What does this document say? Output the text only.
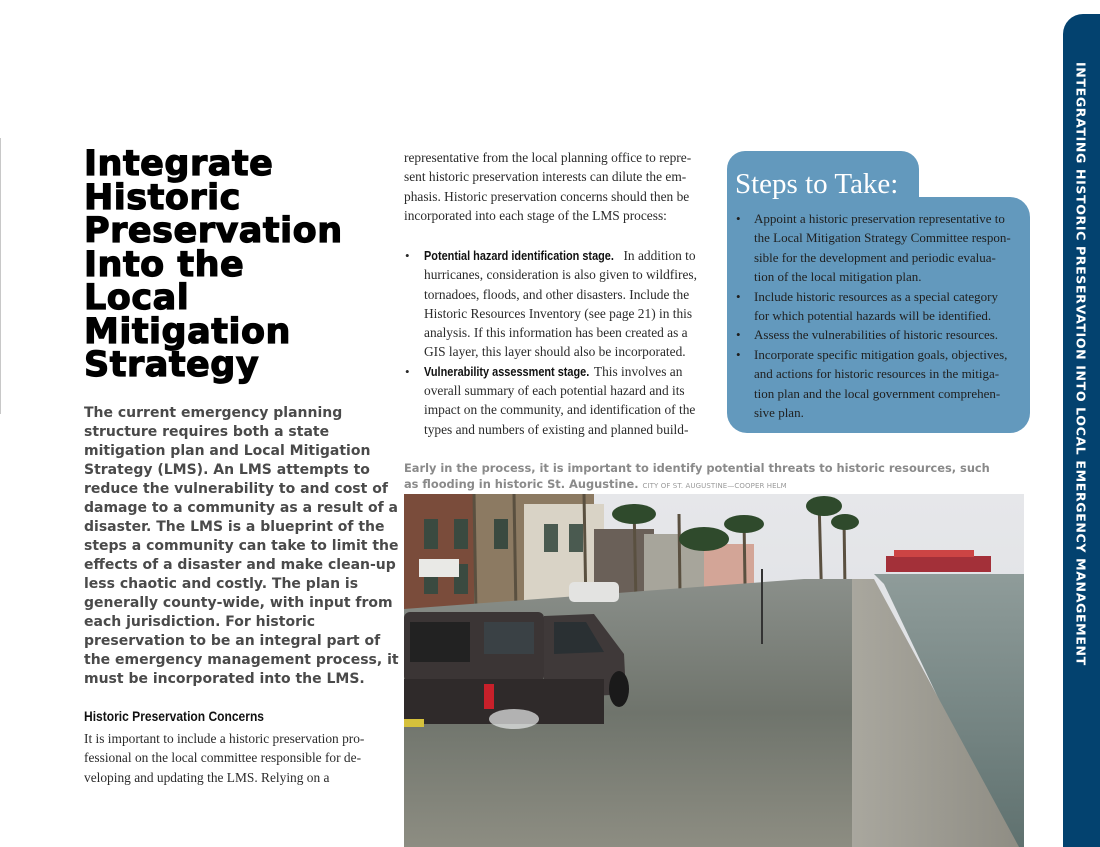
Integrate
Historic
Preservation
Into the
Local
Mitigation
Strategy
The current emergency planning
structure requires both a state
mitigation plan and Local Mitigation
Strategy (LMS). An LMS attempts to
reduce the vulnerability to and cost of
damage to a community as a result of a
disaster. The LMS is a blueprint of the
steps a community can take to limit the
effects of a disaster and make clean-up
less chaotic and costly. The plan is
generally county-wide, with input from
each jurisdiction. For historic
preservation to be an integral part of
the emergency management process, it
must be incorporated into the LMS.
Historic Preservation Concerns
It is important to include a historic preservation pro-
fessional on the local committee responsible for de-
veloping and updating the LMS. Relying on a
representative from the local planning office to repre-
sent historic preservation interests can dilute the em-
phasis. Historic preservation concerns should then be
incorporated into each stage of the LMS process:
• Potential hazard identification stage. In addition to
hurricanes, consideration is also given to wildfires,
tornadoes, floods, and other disasters. Include the
Historic Resources Inventory (see page 21) in this
analysis. If this information has been created as a
GIS layer, this layer should also be incorporated.
• Vulnerability assessment stage. This involves an
overall summary of each potential hazard and its
impact on the community, and identification of the
types and numbers of existing and planned build-
Steps to Take:
• Appoint a historic preservation representative to
the Local Mitigation Strategy Committee respon-
sible for the development and periodic evalua-
tion of the local mitigation plan.
• Include historic resources as a special category
for which potential hazards will be identified.
• Assess the vulnerabilities of historic resources.
• Incorporate specific mitigation goals, objectives,
and actions for historic resources in the mitiga-
tion plan and the local government comprehen-
sive plan.
Early in the process, it is important to identify potential threats to historic resources, such
as flooding in historic St. Augustine. CITY OF ST. AUGUSTINE—COOPER HELM	INTEGRATING HISTORIC PRESERVATION INTO LOCAL EMERGENCY MANAGEMENT
